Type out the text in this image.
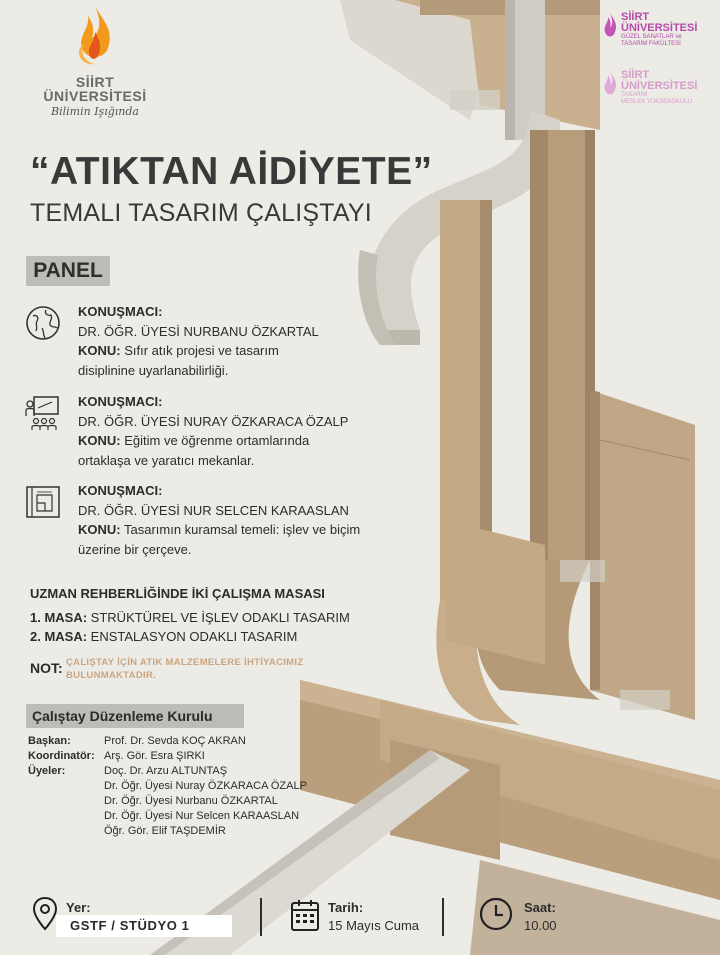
SİİRT
ÜNİVERSİTESİ
Bilimin Işığında
SİİRT
ÜNİVERSİTESİ
GÜZEL SANATLAR ve
TASARIM FAKÜLTESİ
SİİRT
ÜNİVERSİTESİ
TASARIM
MESLEK YÜKSEKOKULU
“ATIKTAN AİDİYETE”
TEMALI TASARIM ÇALIŞTAYI
PANEL
KONUŞMACI:
DR. ÖĞR. ÜYESİ NURBANU ÖZKARTAL
KONU: Sıfır atık projesi ve tasarım
disiplinine uyarlanabilirliği.
KONUŞMACI:
DR. ÖĞR. ÜYESİ NURAY ÖZKARACA ÖZALP
KONU: Eğitim ve öğrenme ortamlarında
ortaklaşa ve yaratıcı mekanlar.
KONUŞMACI:
DR. ÖĞR. ÜYESİ NUR SELCEN KARAASLAN
KONU: Tasarımın kuramsal temeli: işlev ve biçim
üzerine bir çerçeve.
UZMAN REHBERLİĞİNDE İKİ ÇALIŞMA MASASI
1. MASA: STRÜKTÜREL VE İŞLEV ODAKLI TASARIM
2. MASA: ENSTALASYON ODAKLI TASARIM
NOT: ÇALIŞTAY İÇİN ATIK MALZEMELERE İHTİYACIMIZ
BULUNMAKTADIR.
Çalıştay Düzenleme Kurulu
Başkan:	Prof. Dr. Sevda KOÇ AKRAN
Koordinatör: Arş. Gör. Esra ŞIRKI
Üyeler:	Doç. Dr. Arzu ALTUNTAŞ
Dr. Öğr. Üyesi Nuray ÖZKARACA ÖZALP
Dr. Öğr. Üyesi Nurbanu ÖZKARTAL
Dr. Öğr. Üyesi Nur Selcen KARAASLAN
Öğr. Gör. Elif TAŞDEMİR
Yer:
GSTF / STÜDYO 1
Tarih:
15 Mayıs Cuma
Saat:
10.00
